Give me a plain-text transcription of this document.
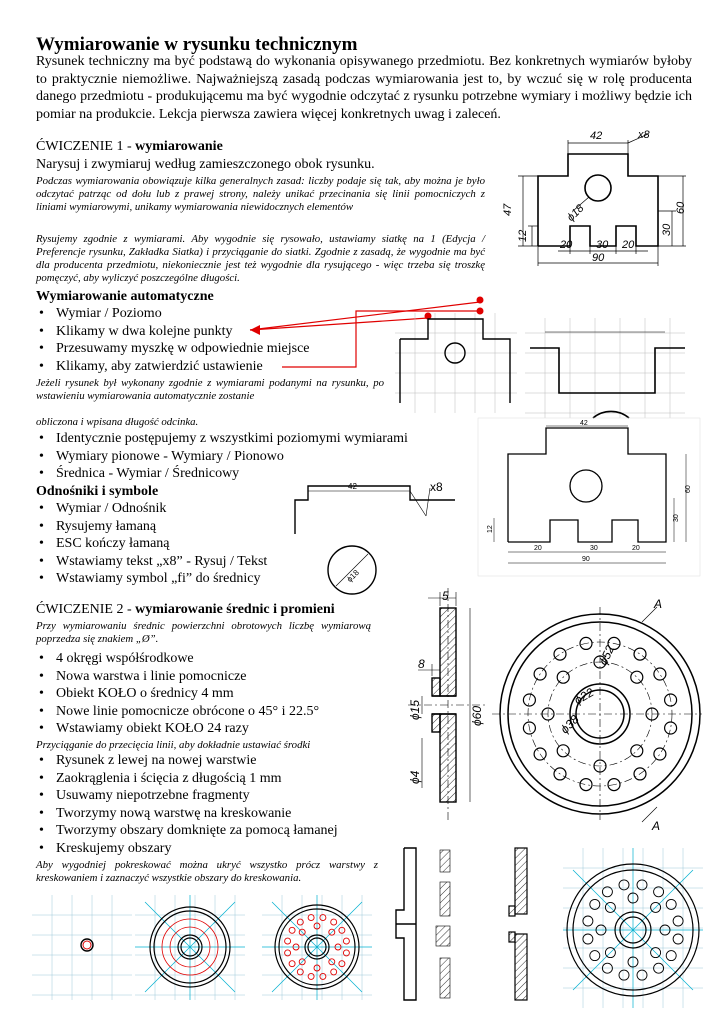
Wymiarowanie w rysunku technicznym
Rysunek techniczny ma być podstawą do wykonania opisywanego przedmiotu. Bez konkretnych wymiarów byłoby to praktycznie niemożliwe. Najważniejszą zasadą podczas wymiarowania jest to, by wczuć się w rolę producenta danego przedmiotu - produkującemu ma być wygodnie odczytać z rysunku potrzebne wymiary i możliwy będzie ich pomiar na produkcie. Lekcja pierwsza zawiera więcej konkretnych uwag i zaleceń.
ĆWICZENIE 1 - wymiarowanie
Narysuj i zwymiaruj według zamieszczonego obok rysunku.
Podczas wymiarowania obowiązuje kilka generalnych zasad: liczby podaje się tak, aby można je było odczytać patrząc od dołu lub z prawej strony, należy unikać przecinania się linii pomocniczych z liniami wymiarowymi, unikamy wymiarowania niewidocznych elementów
Rysujemy zgodnie z wymiarami. Aby wygodnie się rysowało, ustawiamy siatkę na 1 (Edycja / Preferencje rysunku, Zakładka Siatka) i przyciąganie do siatki. Zgodnie z zasadą, że wygodnie ma być dla producenta przedmiotu, niekoniecznie jest też wygodnie dla rysującego - więc trzeba się troszkę pomęczyć, aby wyliczyć poszczególne długości.
Wymiarowanie automatyczne
• Wymiar / Poziomo
• Klikamy w dwa kolejne punkty
• Przesuwamy myszkę w odpowiednie miejsce
• Klikamy, aby zatwierdzić ustawienie
Jeżeli rysunek był wykonany zgodnie z wymiarami podanymi na rysunku, po wstawieniu wymiarowania automatycznie zostanie
obliczona i wpisana długość odcinka.
• Identycznie postępujemy z wszystkimi poziomymi wymiarami
• Wymiary pionowe - Wymiary / Pionowo
• Średnica - Wymiar / Średnicowy
Odnośniki i symbole
• Wymiar / Odnośnik
• Rysujemy łamaną
• ESC kończy łamaną
• Wstawiamy tekst „x8” - Rysuj / Tekst
• Wstawiamy symbol „fi” do średnicy
42	x8
ϕ18
47
12
60
30
20 30 20
90
42
60
30
12
20	30	20
90
42	x8
ϕ18
ĆWICZENIE 2 - wymiarowanie średnic i promieni
Przy wymiarowaniu średnic powierzchni obrotowych liczbę wymiarową poprzedza się znakiem „Ø”.
• 4 okręgi współśrodkowe
• Nowa warstwa i linie pomocnicze
• Obiekt KOŁO o średnicy 4 mm
• Nowe linie pomocnicze obrócone o 45° i 22.5°
• Wstawiamy obiekt KOŁO 24 razy
Przyciąganie do przecięcia linii, aby dokładnie ustawiać środki
• Rysunek z lewej na nowej warstwie
• Zaokrąglenia i ścięcia z długością 1 mm
• Usuwamy niepotrzebne fragmenty
• Tworzymy nową warstwę na kreskowanie
• Tworzymy obszary domknięte za pomocą łamanej
• Kreskujemy obszary
Aby wygodniej pokreskować można ukryć wszystko prócz warstwy z kreskowaniem i zaznaczyć wszystkie obszary do kreskowania.
5
8
ϕ15	ϕ60
ϕ4
A
A
ϕ52
ϕ38
ϕ22
